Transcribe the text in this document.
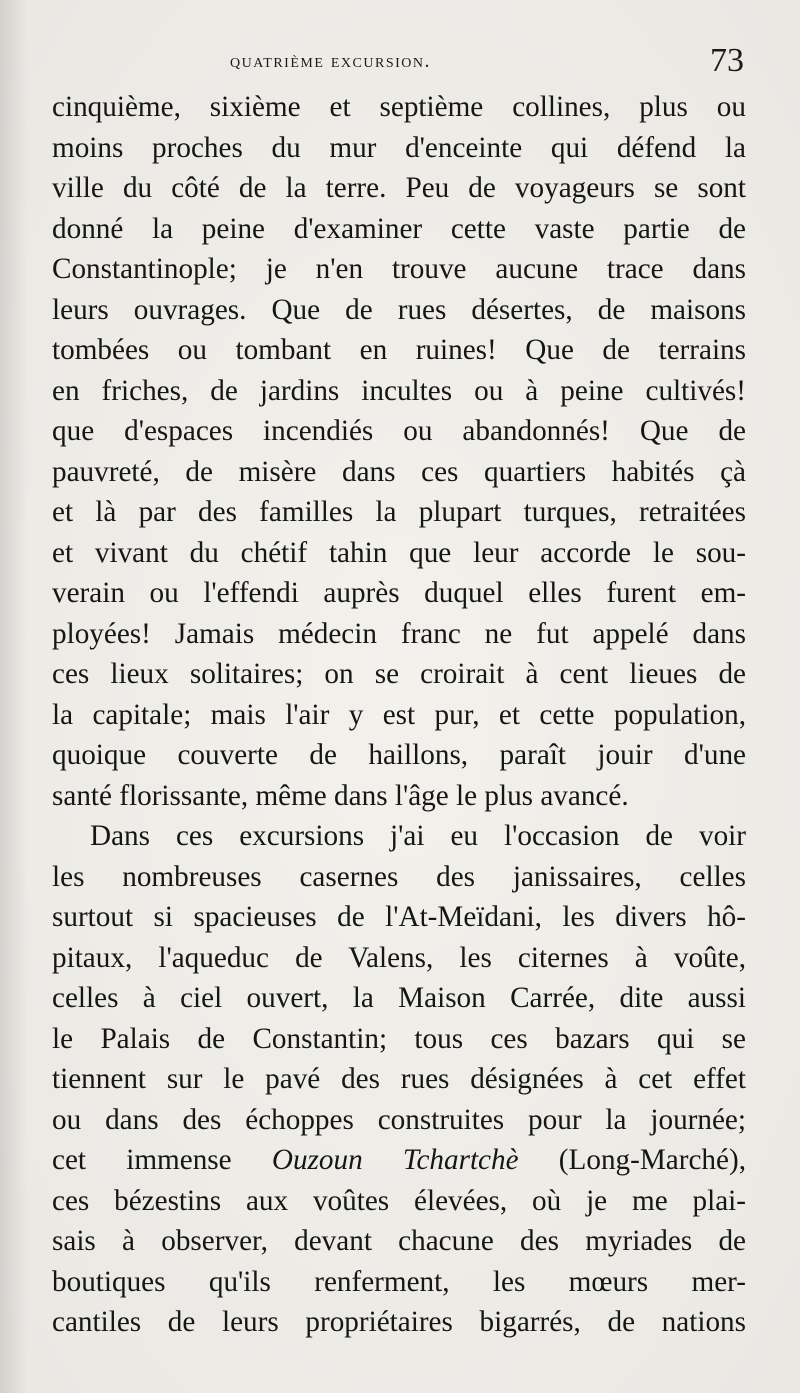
quatrième excursion.	73
cinquième, sixième et septième collines, plus ou
moins proches du mur d'enceinte qui défend la
ville du côté de la terre. Peu de voyageurs se sont
donné la peine d'examiner cette vaste partie de
Constantinople; je n'en trouve aucune trace dans
leurs ouvrages. Que de rues désertes, de maisons
tombées ou tombant en ruines! Que de terrains
en friches, de jardins incultes ou à peine cultivés!
que d'espaces incendiés ou abandonnés! Que de
pauvreté, de misère dans ces quartiers habités çà
et là par des familles la plupart turques, retraitées
et vivant du chétif tahin que leur accorde le sou-
verain ou l'effendi auprès duquel elles furent em-
ployées! Jamais médecin franc ne fut appelé dans
ces lieux solitaires; on se croirait à cent lieues de
la capitale; mais l'air y est pur, et cette population,
quoique couverte de haillons, paraît jouir d'une
santé florissante, même dans l'âge le plus avancé.
Dans ces excursions j'ai eu l'occasion de voir
les nombreuses casernes des janissaires, celles
surtout si spacieuses de l'At-Meïdani, les divers hô-
pitaux, l'aqueduc de Valens, les citernes à voûte,
celles à ciel ouvert, la Maison Carrée, dite aussi
le Palais de Constantin; tous ces bazars qui se
tiennent sur le pavé des rues désignées à cet effet
ou dans des échoppes construites pour la journée;
cet immense Ouzoun Tchartchè (Long-Marché),
ces bézestins aux voûtes élevées, où je me plai-
sais à observer, devant chacune des myriades de
boutiques qu'ils renferment, les mœurs mer-
cantiles de leurs propriétaires bigarrés, de nations
